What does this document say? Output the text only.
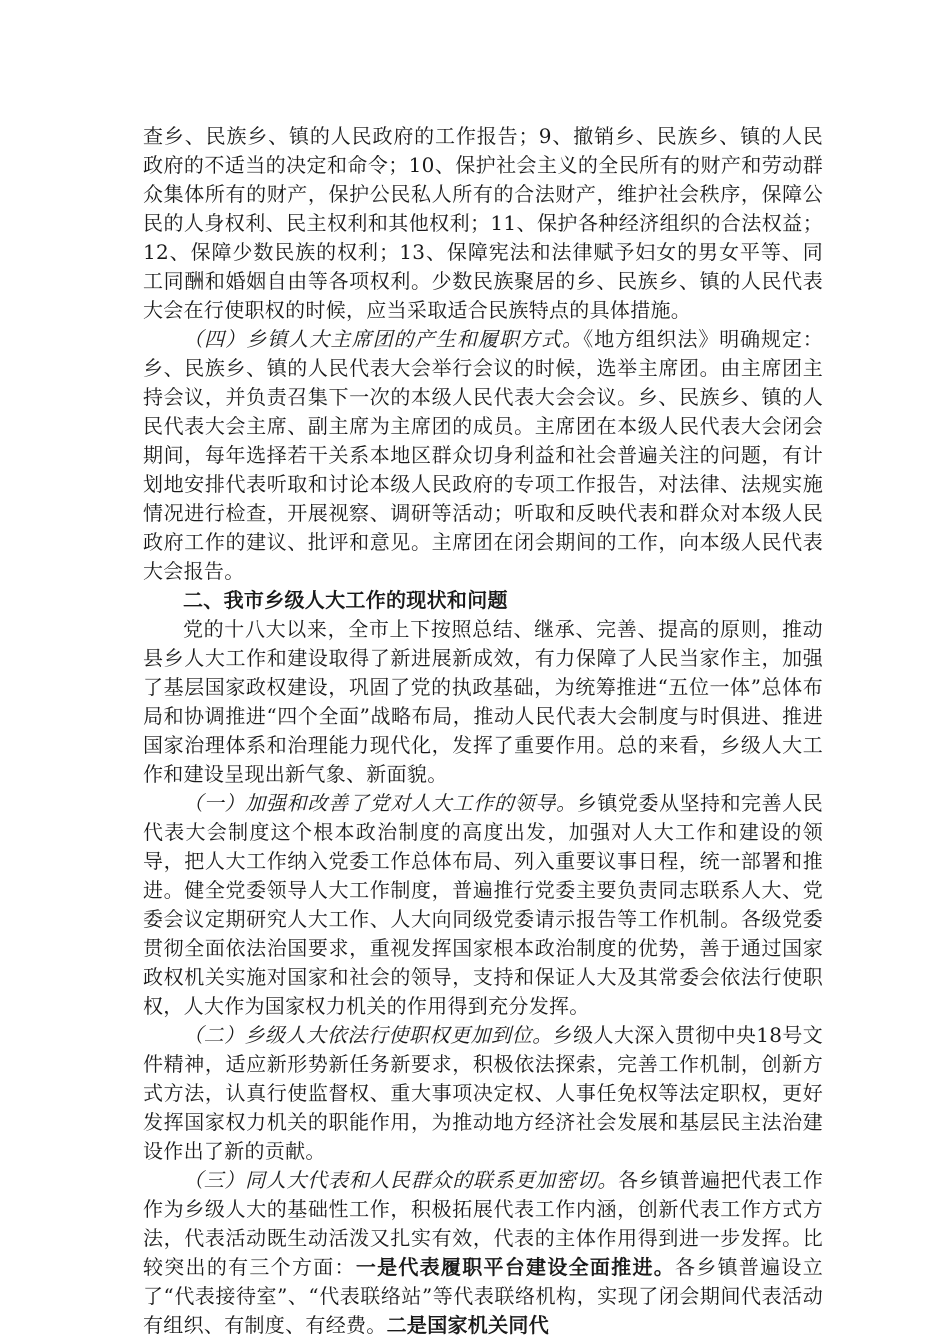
查乡、民族乡、镇的人民政府的工作报告；9、撤销乡、民族乡、镇的人民政府的不适当的决定和命令；10、保护社会主义的全民所有的财产和劳动群众集体所有的财产，保护公民私人所有的合法财产，维护社会秩序，保障公民的人身权利、民主权利和其他权利；11、保护各种经济组织的合法权益；12、保障少数民族的权利；13、保障宪法和法律赋予妇女的男女平等、同工同酬和婚姻自由等各项权利。少数民族聚居的乡、民族乡、镇的人民代表大会在行使职权的时候，应当采取适合民族特点的具体措施。

（四）乡镇人大主席团的产生和履职方式。《地方组织法》明确规定：乡、民族乡、镇的人民代表大会举行会议的时候，选举主席团。由主席团主持会议，并负责召集下一次的本级人民代表大会会议。乡、民族乡、镇的人民代表大会主席、副主席为主席团的成员。主席团在本级人民代表大会闭会期间，每年选择若干关系本地区群众切身利益和社会普遍关注的问题，有计划地安排代表听取和讨论本级人民政府的专项工作报告，对法律、法规实施情况进行检查，开展视察、调研等活动；听取和反映代表和群众对本级人民政府工作的建议、批评和意见。主席团在闭会期间的工作，向本级人民代表大会报告。

二、我市乡级人大工作的现状和问题

党的十八大以来，全市上下按照总结、继承、完善、提高的原则，推动县乡人大工作和建设取得了新进展新成效，有力保障了人民当家作主，加强了基层国家政权建设，巩固了党的执政基础，为统筹推进“五位一体”总体布局和协调推进“四个全面”战略布局，推动人民代表大会制度与时俱进、推进国家治理体系和治理能力现代化，发挥了重要作用。总的来看，乡级人大工作和建设呈现出新气象、新面貌。

（一）加强和改善了党对人大工作的领导。乡镇党委从坚持和完善人民代表大会制度这个根本政治制度的高度出发，加强对人大工作和建设的领导，把人大工作纳入党委工作总体布局、列入重要议事日程，统一部署和推进。健全党委领导人大工作制度，普遍推行党委主要负责同志联系人大、党委会议定期研究人大工作、人大向同级党委请示报告等工作机制。各级党委贯彻全面依法治国要求，重视发挥国家根本政治制度的优势，善于通过国家政权机关实施对国家和社会的领导，支持和保证人大及其常委会依法行使职权，人大作为国家权力机关的作用得到充分发挥。

（二）乡级人大依法行使职权更加到位。乡级人大深入贯彻中央18号文件精神，适应新形势新任务新要求，积极依法探索，完善工作机制，创新方式方法，认真行使监督权、重大事项决定权、人事任免权等法定职权，更好发挥国家权力机关的职能作用，为推动地方经济社会发展和基层民主法治建设作出了新的贡献。

（三）同人大代表和人民群众的联系更加密切。各乡镇普遍把代表工作作为乡级人大的基础性工作，积极拓展代表工作内涵，创新代表工作方式方法，代表活动既生动活泼又扎实有效，代表的主体作用得到进一步发挥。比较突出的有三个方面：一是代表履职平台建设全面推进。各乡镇普遍设立了“代表接待室”、“代表联络站”等代表联络机构，实现了闭会期间代表活动有组织、有制度、有经费。二是国家机关同代
